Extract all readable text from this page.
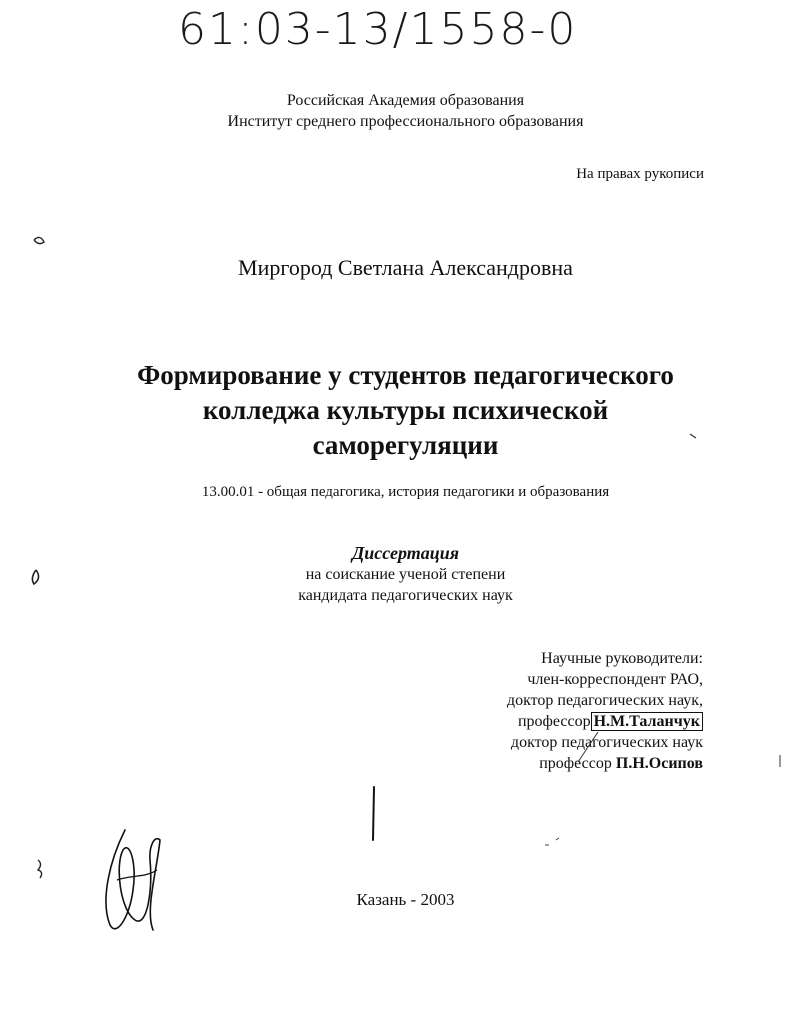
61:03-13/1558-0
Российская Академия образования
Институт среднего профессионального образования
На правах рукописи
Миргород Светлана Александровна
Формирование у студентов педагогического
колледжа культуры психической
саморегуляции
13.00.01 - общая педагогика, история педагогики и образования
Диссертация
на соискание ученой степени
кандидата педагогических наук
Научные руководители:
член-корреспондент РАО,
доктор педагогических наук,
профессор Н.М.Таланчук
доктор педагогических наук
профессор П.Н.Осипов
Казань - 2003
